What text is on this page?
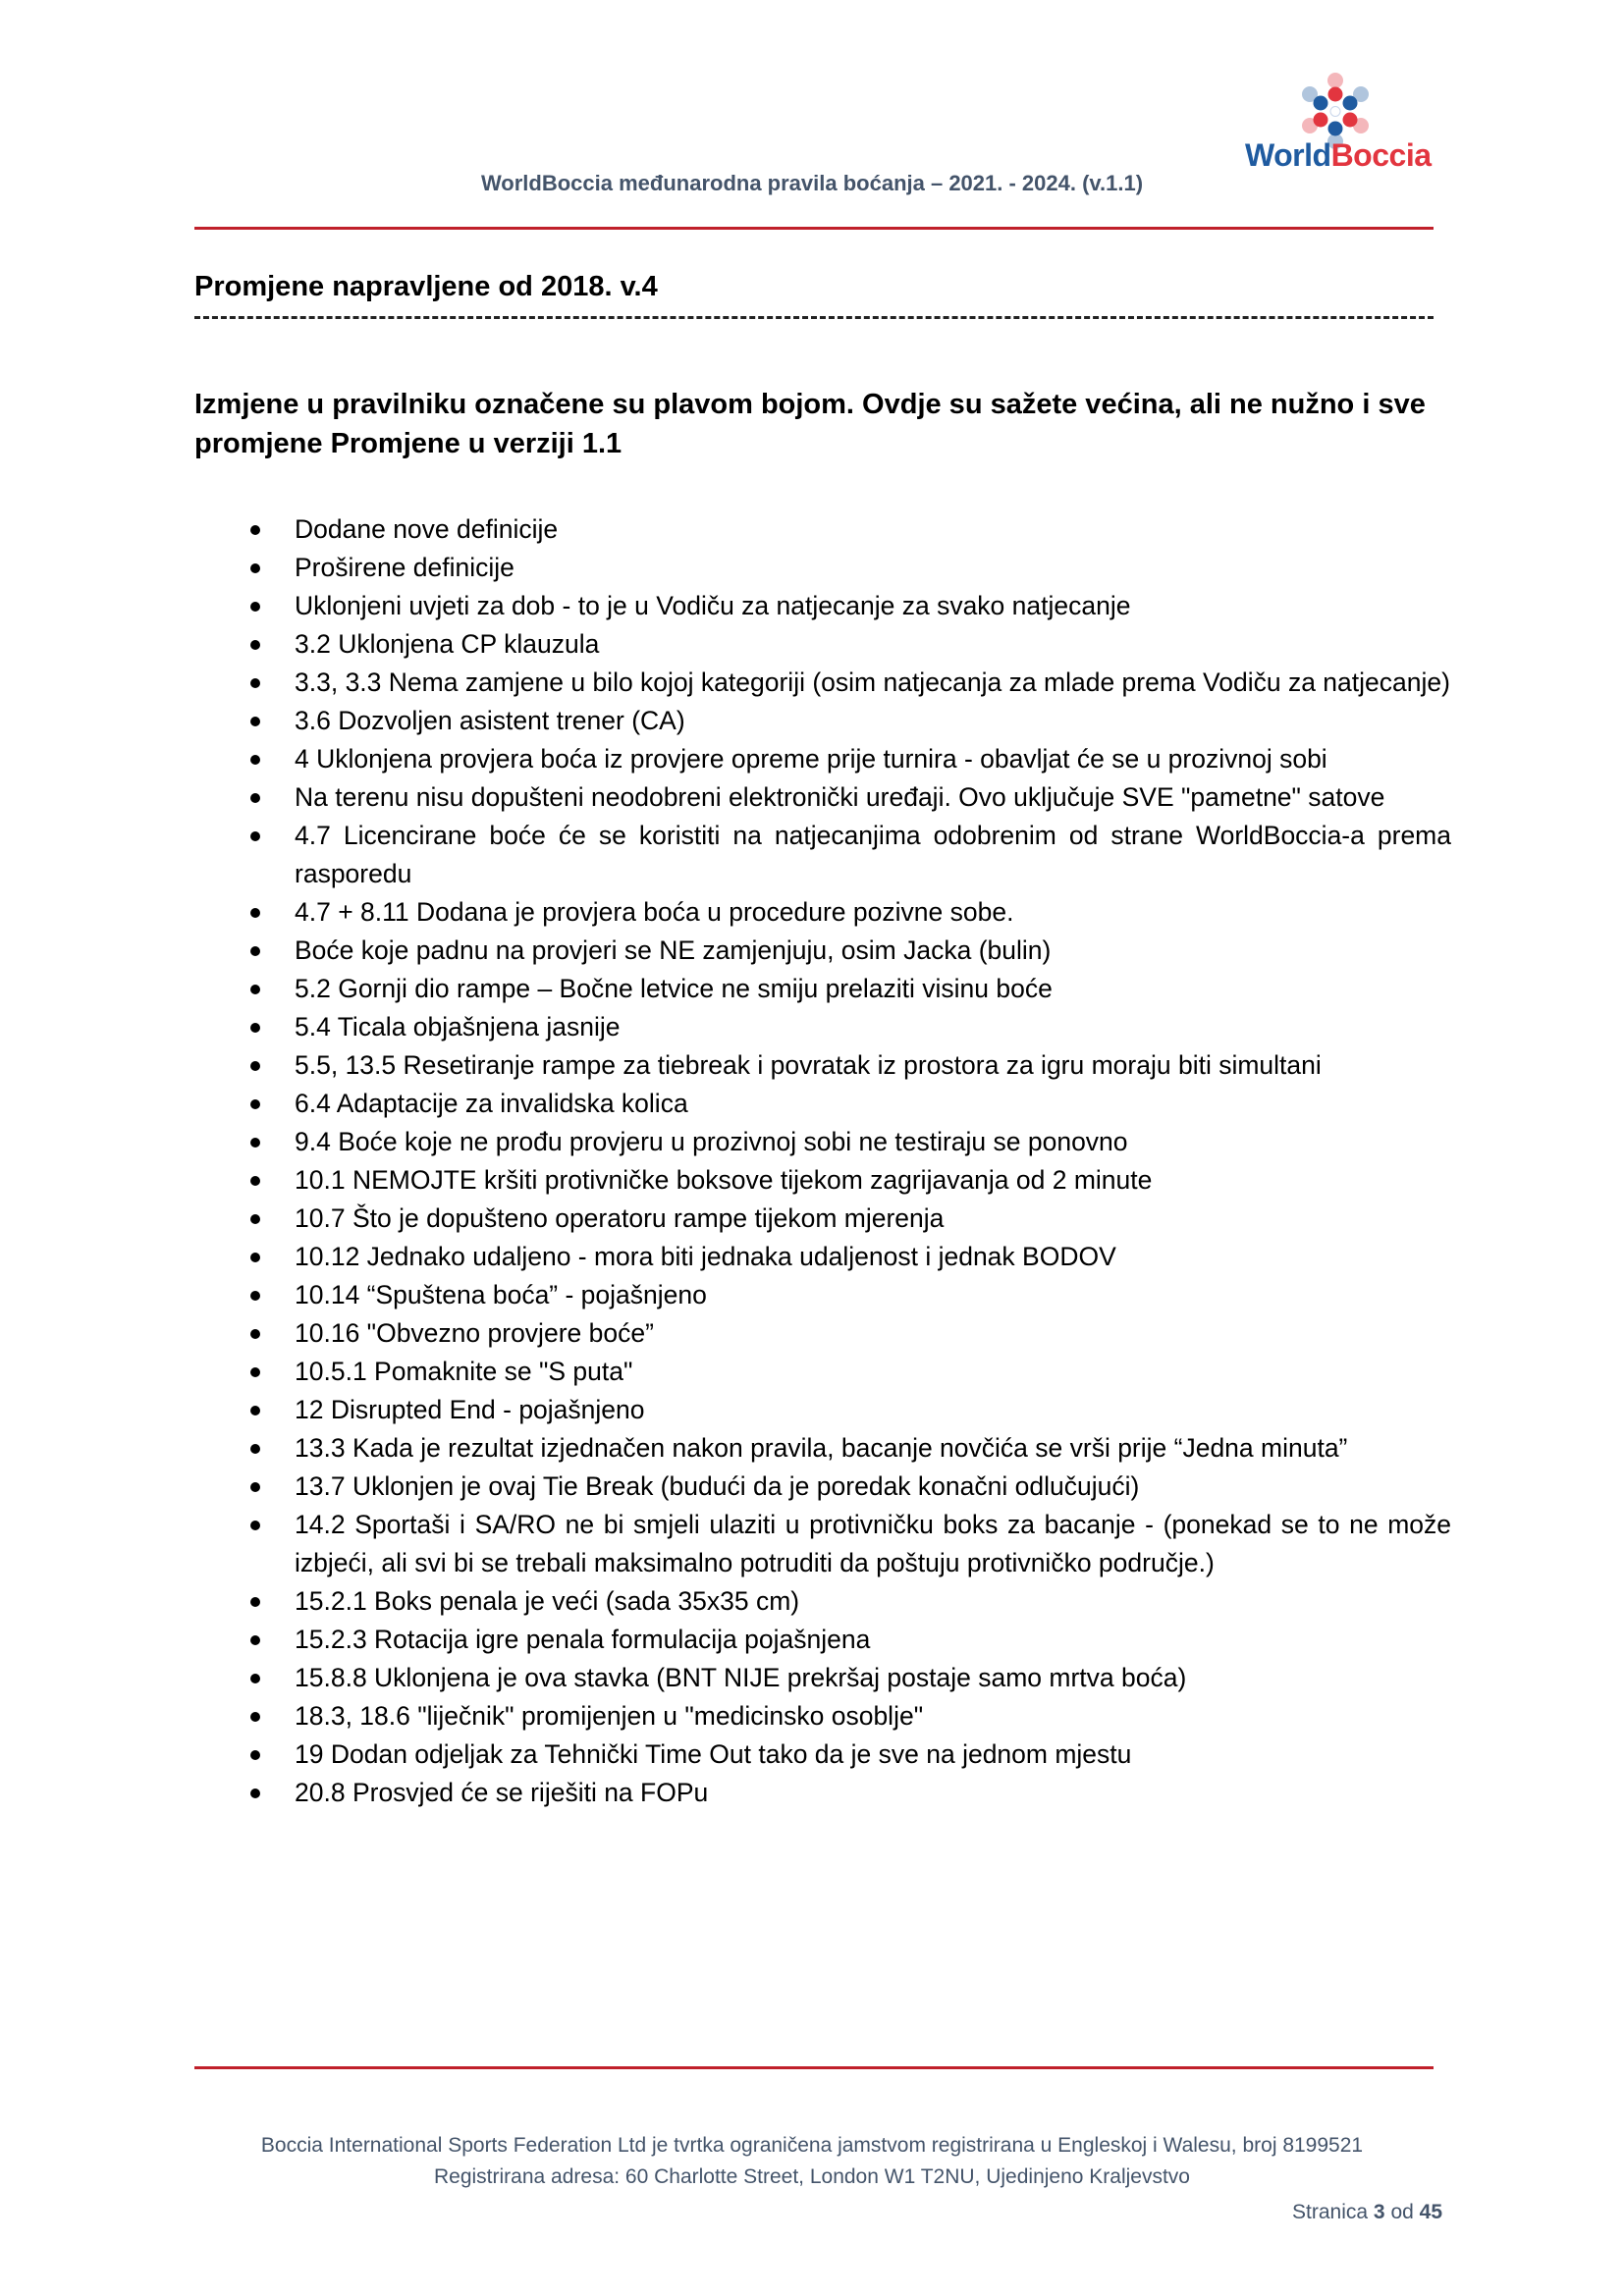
WorldBoccia
WorldBoccia međunarodna pravila boćanja – 2021. - 2024. (v.1.1)
Promjene napravljene od 2018. v.4
Izmjene u pravilniku označene su plavom bojom. Ovdje su sažete većina, ali ne nužno i sve promjene Promjene u verziji 1.1
Dodane nove definicije
Proširene definicije
Uklonjeni uvjeti za dob - to je u Vodiču za natjecanje za svako natjecanje
3.2 Uklonjena CP klauzula
3.3, 3.3 Nema zamjene u bilo kojoj kategoriji (osim natjecanja za mlade prema Vodiču za natjecanje)
3.6 Dozvoljen asistent trener (CA)
4 Uklonjena provjera boća iz provjere opreme prije turnira - obavljat će se u prozivnoj sobi
Na terenu nisu dopušteni neodobreni elektronički uređaji. Ovo uključuje SVE "pametne" satove
4.7 Licencirane boće će se koristiti na natjecanjima odobrenim od strane WorldBoccia-a prema rasporedu
4.7 + 8.11 Dodana je provjera boća u procedure pozivne sobe.
Boće koje padnu na provjeri se NE zamjenjuju, osim Jacka (bulin)
5.2 Gornji dio rampe – Bočne letvice ne smiju prelaziti visinu boće
5.4 Ticala objašnjena jasnije
5.5, 13.5 Resetiranje rampe za tiebreak i povratak iz prostora za igru moraju biti simultani
6.4 Adaptacije za invalidska kolica
9.4 Boće koje ne prođu provjeru u prozivnoj sobi ne testiraju se ponovno
10.1 NEMOJTE kršiti protivničke boksove tijekom zagrijavanja od 2 minute
10.7 Što je dopušteno operatoru rampe tijekom mjerenja
10.12 Jednako udaljeno - mora biti jednaka udaljenost i jednak BODOV
10.14 “Spuštena boća” - pojašnjeno
10.16 "Obvezno provjere boće”
10.5.1 Pomaknite se "S puta"
12 Disrupted End - pojašnjeno
13.3 Kada je rezultat izjednačen nakon pravila, bacanje novčića se vrši prije “Jedna minuta”
13.7 Uklonjen je ovaj Tie Break (budući da je poredak konačni odlučujući)
14.2 Sportaši i SA/RO ne bi smjeli ulaziti u protivničku boks za bacanje - (ponekad se to ne može izbjeći, ali svi bi se trebali maksimalno potruditi da poštuju protivničko područje.)
15.2.1 Boks penala je veći (sada 35x35 cm)
15.2.3 Rotacija igre penala formulacija pojašnjena
15.8.8 Uklonjena je ova stavka (BNT NIJE prekršaj postaje samo mrtva boća)
18.3, 18.6 "liječnik" promijenjen u "medicinsko osoblje"
19 Dodan odjeljak za Tehnički Time Out tako da je sve na jednom mjestu
20.8 Prosvjed će se riješiti na FOPu
Boccia International Sports Federation Ltd je tvrtka ograničena jamstvom registrirana u Engleskoj i Walesu, broj 8199521
Registrirana adresa: 60 Charlotte Street, London W1 T2NU, Ujedinjeno Kraljevstvo
Stranica 3 od 45
